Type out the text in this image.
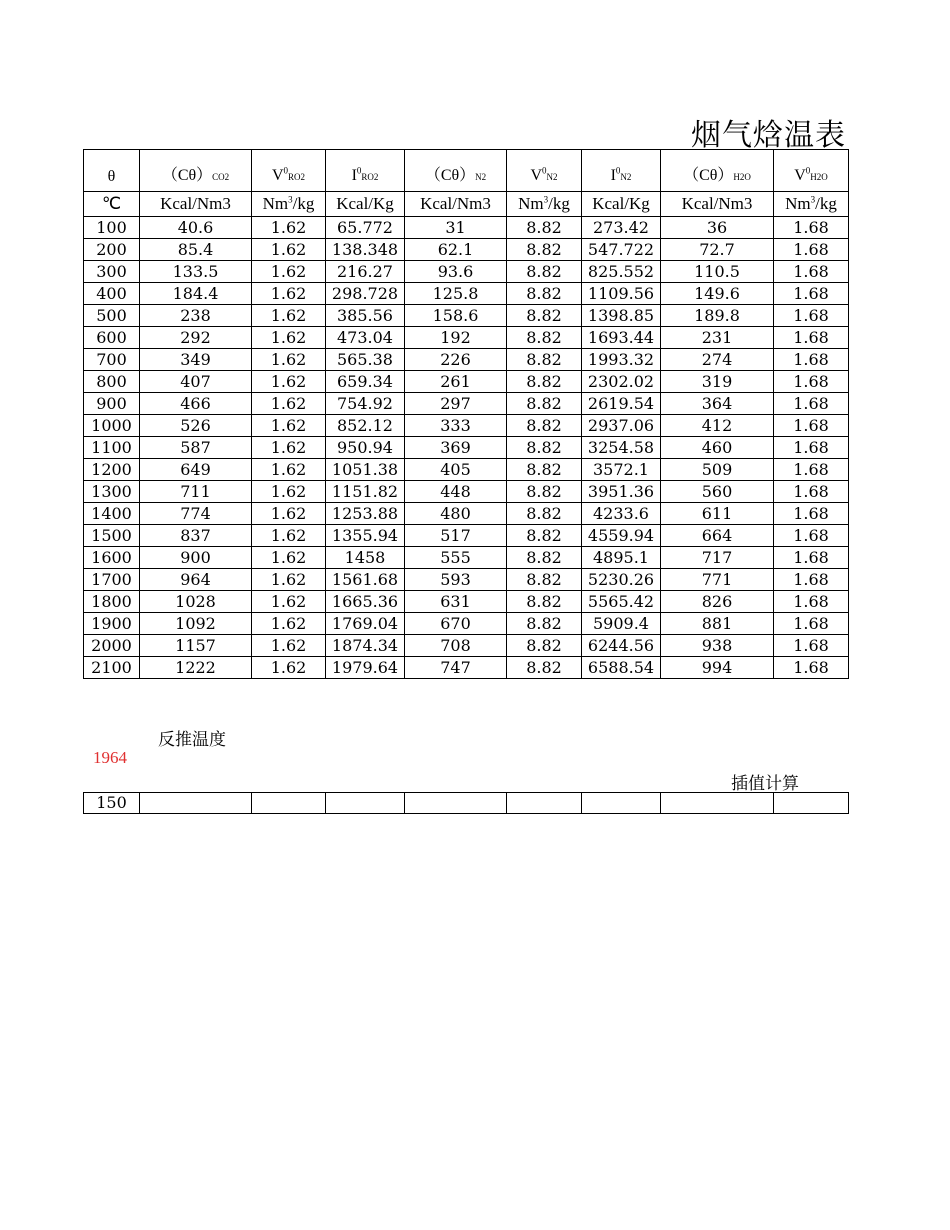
烟气焓温表
θ	（Cθ）CO2	$V^0RO2$	$I^0RO2$	（Cθ）N2	$V^0N2$	$I^0N2$	（Cθ）H2O	$V^0H2O$
℃	Kcal/Nm3	Nm$^3$/kg	Kcal/Kg	Kcal/Nm3	Nm$^3$/kg	Kcal/Kg	Kcal/Nm3	Nm$^3$/kg
100	40.6	1.62	65.772	31	8.82	273.42	36	1.68
200	85.4	1.62	138.348	62.1	8.82	547.722	72.7	1.68
300	133.5	1.62	216.27	93.6	8.82	825.552	110.5	1.68
400	184.4	1.62	298.728	125.8	8.82	1109.56	149.6	1.68
500	238	1.62	385.56	158.6	8.82	1398.85	189.8	1.68
600	292	1.62	473.04	192	8.82	1693.44	231	1.68
700	349	1.62	565.38	226	8.82	1993.32	274	1.68
800	407	1.62	659.34	261	8.82	2302.02	319	1.68
900	466	1.62	754.92	297	8.82	2619.54	364	1.68
1000	526	1.62	852.12	333	8.82	2937.06	412	1.68
1100	587	1.62	950.94	369	8.82	3254.58	460	1.68
1200	649	1.62	1051.38	405	8.82	3572.1	509	1.68
1300	711	1.62	1151.82	448	8.82	3951.36	560	1.68
1400	774	1.62	1253.88	480	8.82	4233.6	611	1.68
1500	837	1.62	1355.94	517	8.82	4559.94	664	1.68
1600	900	1.62	1458	555	8.82	4895.1	717	1.68
1700	964	1.62	1561.68	593	8.82	5230.26	771	1.68
1800	1028	1.62	1665.36	631	8.82	5565.42	826	1.68
1900	1092	1.62	1769.04	670	8.82	5909.4	881	1.68
2000	1157	1.62	1874.34	708	8.82	6244.56	938	1.68
2100	1222	1.62	1979.64	747	8.82	6588.54	994	1.68
反推温度
1964
插值计算
150								
